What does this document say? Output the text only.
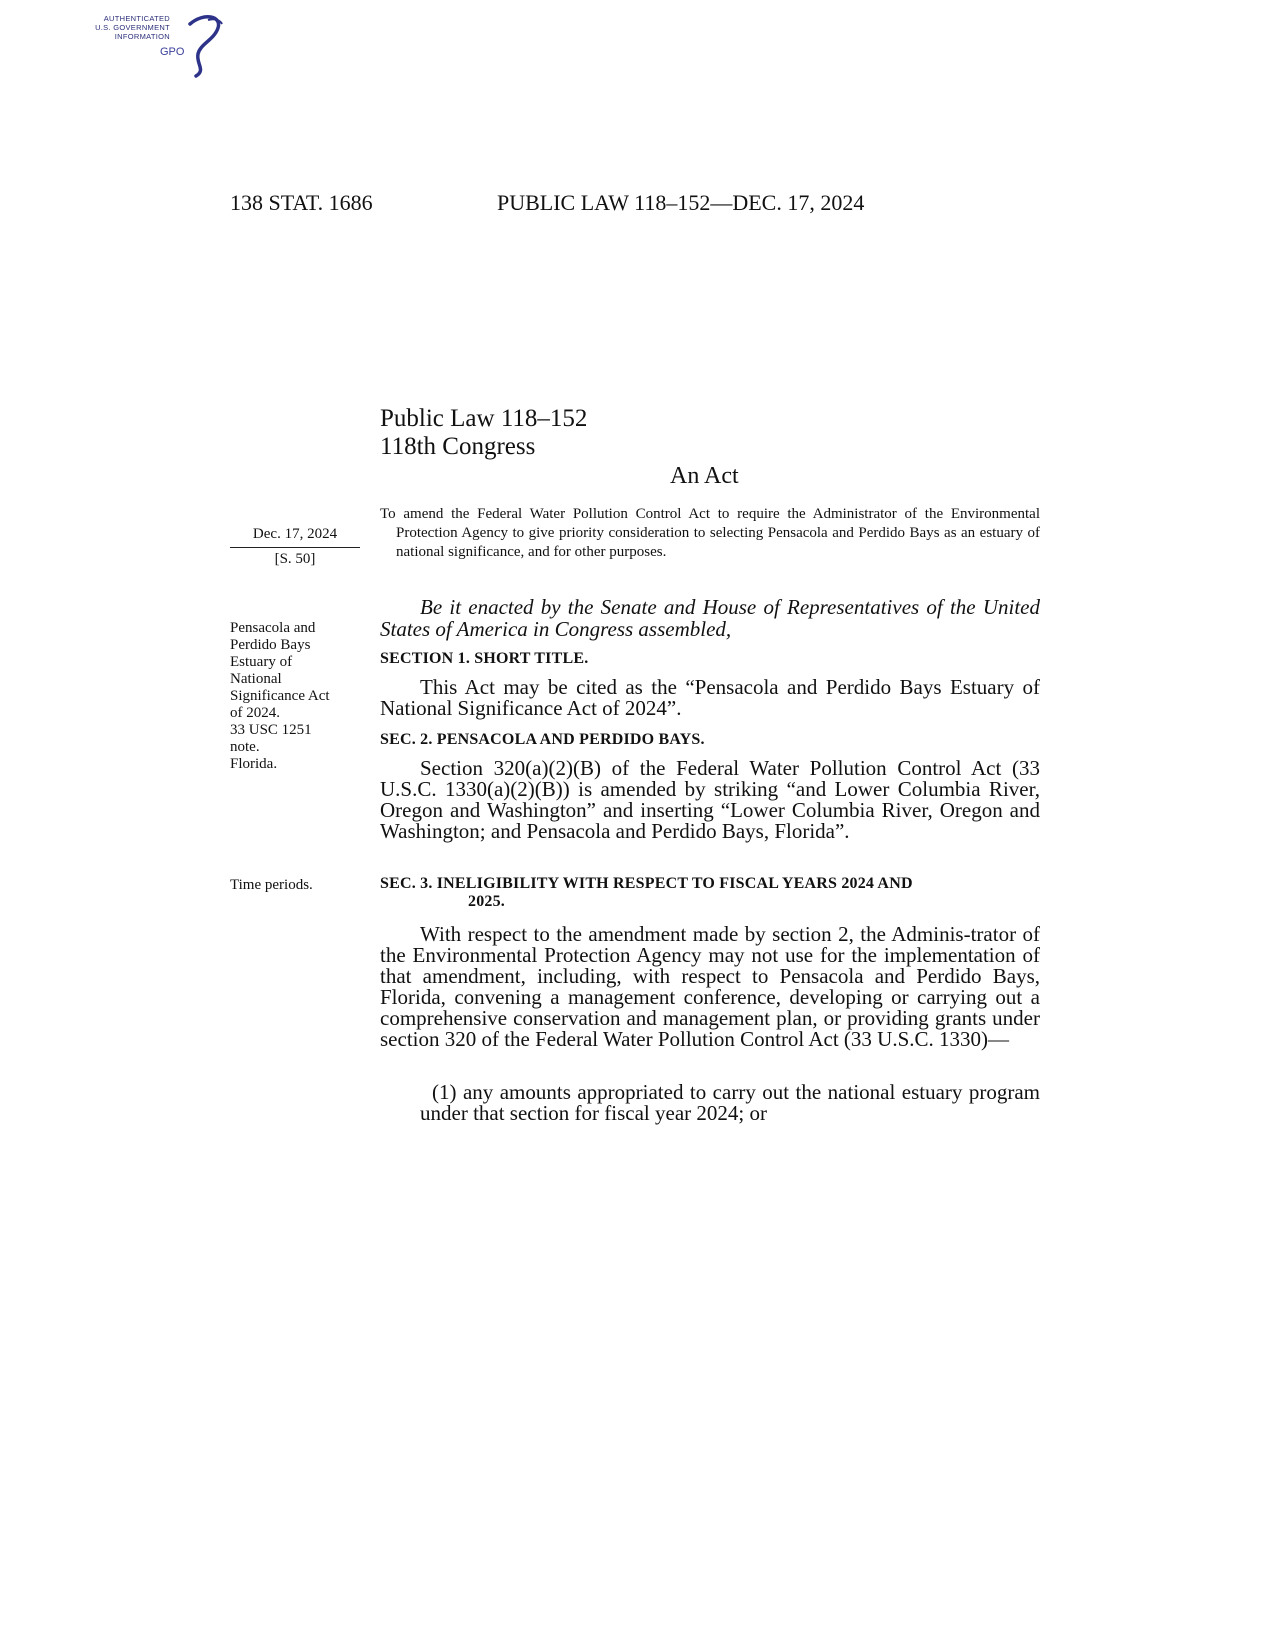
AUTHENTICATED
U.S. GOVERNMENT
INFORMATION
GPO
138 STAT. 1686	PUBLIC LAW 118–152—DEC. 17, 2024
Public Law 118–152
118th Congress
An Act
Dec. 17, 2024
[S. 50]
To amend the Federal Water Pollution Control Act to require the Administrator of the Environmental Protection Agency to give priority consideration to selecting Pensacola and Perdido Bays as an estuary of national significance, and for other purposes.
Pensacola and
Perdido Bays
Estuary of
National
Significance Act
of 2024.
33 USC 1251
note.
Florida.
Time periods.
Be it enacted by the Senate and House of Representatives of the United States of America in Congress assembled,
SECTION 1. SHORT TITLE.
This Act may be cited as the “Pensacola and Perdido Bays Estuary of National Significance Act of 2024”.
SEC. 2. PENSACOLA AND PERDIDO BAYS.
Section 320(a)(2)(B) of the Federal Water Pollution Control Act (33 U.S.C. 1330(a)(2)(B)) is amended by striking “and Lower Columbia River, Oregon and Washington” and inserting “Lower Columbia River, Oregon and Washington; and Pensacola and Perdido Bays, Florida”.
SEC. 3. INELIGIBILITY WITH RESPECT TO FISCAL YEARS 2024 AND
2025.
With respect to the amendment made by section 2, the Adminis-trator of the Environmental Protection Agency may not use for the implementation of that amendment, including, with respect to Pensacola and Perdido Bays, Florida, convening a management conference, developing or carrying out a comprehensive conservation and management plan, or providing grants under section 320 of the Federal Water Pollution Control Act (33 U.S.C. 1330)—
(1) any amounts appropriated to carry out the national estuary program under that section for fiscal year 2024; or
